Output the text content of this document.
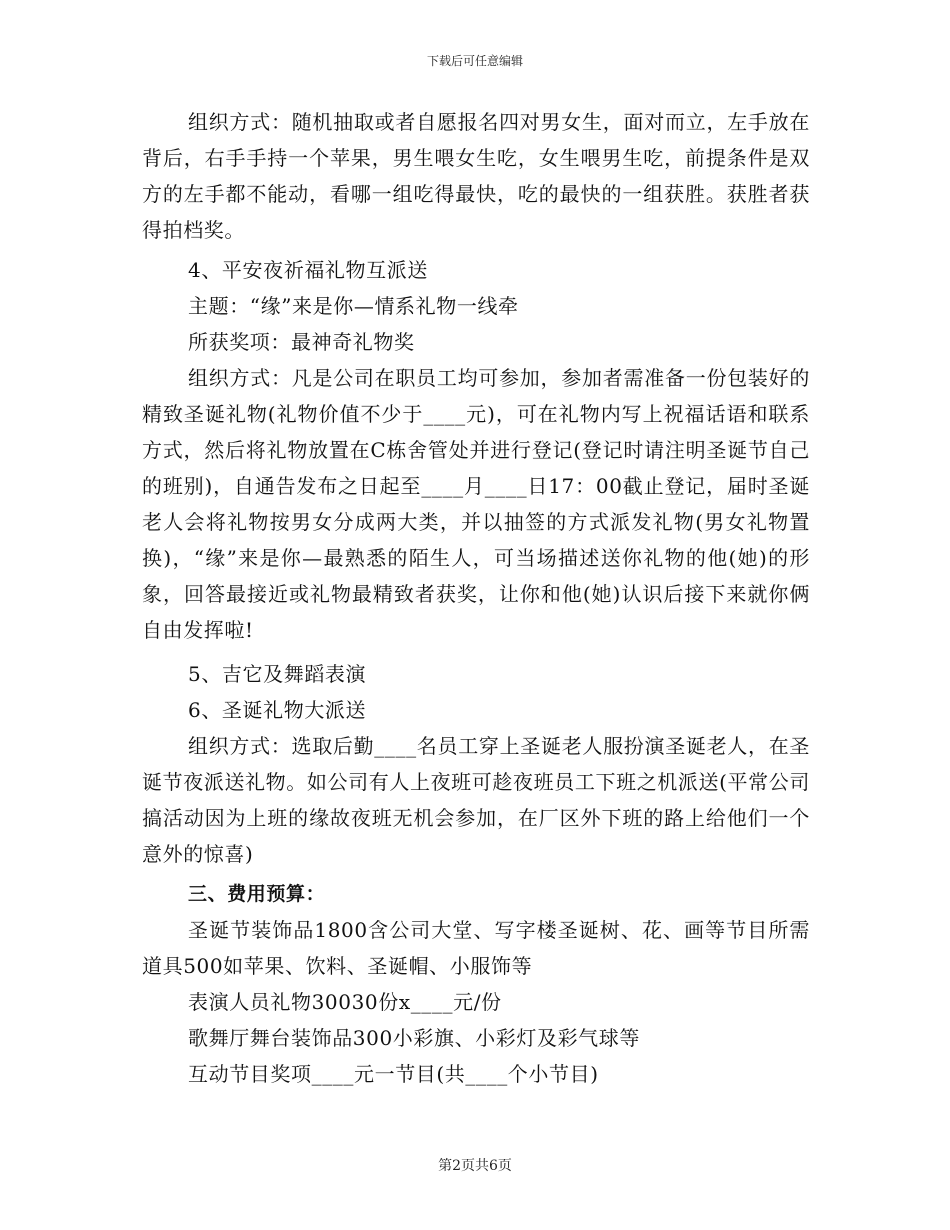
下载后可任意编辑

组织方式：随机抽取或者自愿报名四对男女生，面对而立，左手放在背后，右手手持一个苹果，男生喂女生吃，女生喂男生吃，前提条件是双方的左手都不能动，看哪一组吃得最快，吃的最快的一组获胜。获胜者获得拍档奖。

4、平安夜祈福礼物互派送

主题：“缘”来是你—情系礼物一线牵

所获奖项：最神奇礼物奖

组织方式：凡是公司在职员工均可参加，参加者需准备一份包装好的精致圣诞礼物(礼物价值不少于____元)，可在礼物内写上祝福话语和联系方式，然后将礼物放置在C栋舍管处并进行登记(登记时请注明圣诞节自己的班别)，自通告发布之日起至____月____日17：00截止登记，届时圣诞老人会将礼物按男女分成两大类，并以抽签的方式派发礼物(男女礼物置换)，“缘”来是你—最熟悉的陌生人，可当场描述送你礼物的他(她)的形象，回答最接近或礼物最精致者获奖，让你和他(她)认识后接下来就你俩自由发挥啦!

5、吉它及舞蹈表演

6、圣诞礼物大派送

组织方式：选取后勤____名员工穿上圣诞老人服扮演圣诞老人，在圣诞节夜派送礼物。如公司有人上夜班可趁夜班员工下班之机派送(平常公司搞活动因为上班的缘故夜班无机会参加，在厂区外下班的路上给他们一个意外的惊喜)

三、费用预算：

圣诞节装饰品1800含公司大堂、写字楼圣诞树、花、画等节目所需道具500如苹果、饮料、圣诞帽、小服饰等

表演人员礼物30030份x____元/份

歌舞厅舞台装饰品300小彩旗、小彩灯及彩气球等

互动节目奖项____元一节目(共____个小节目)

第2页共6页
